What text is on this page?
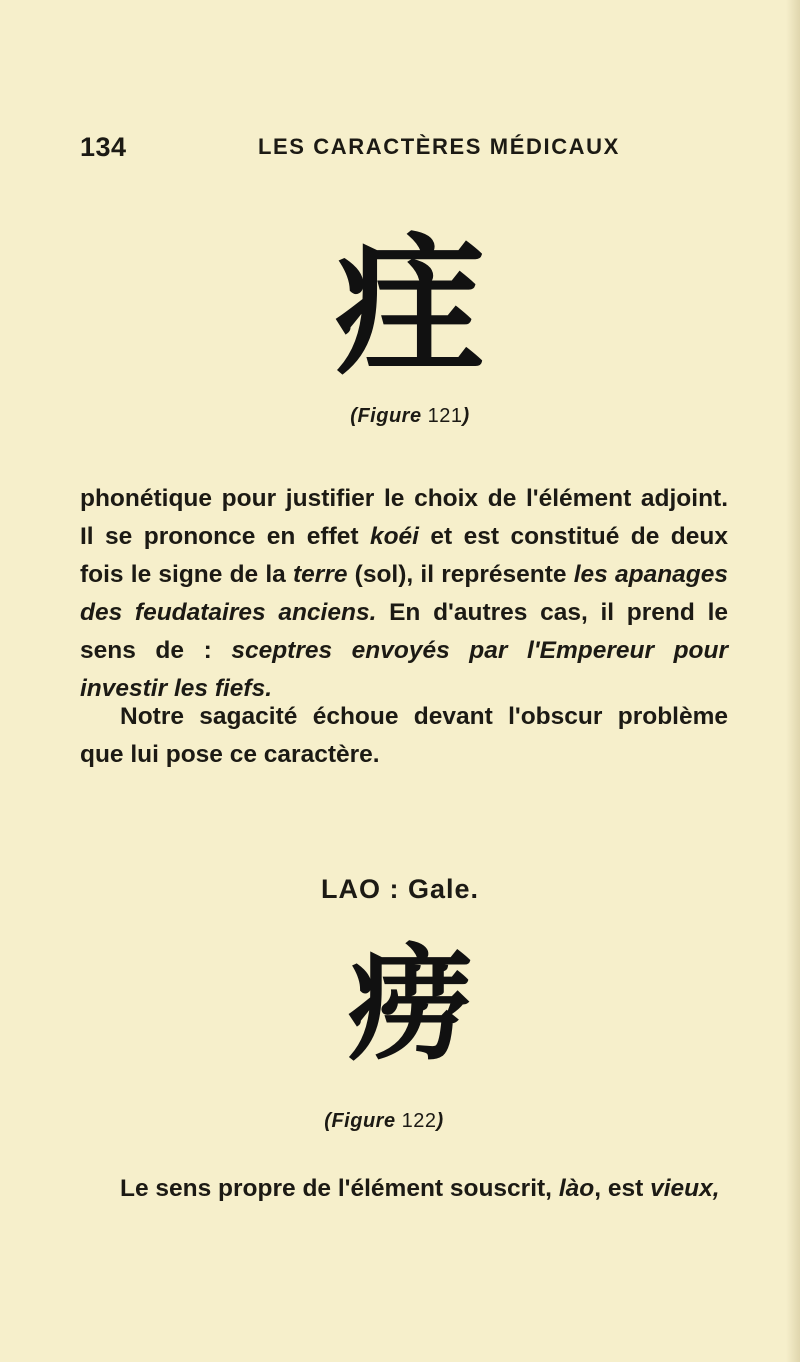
134	LES CARACTÈRES MÉDICAUX
疰
(Figure 121)

phonétique pour justifier le choix de l'élément adjoint. Il se prononce en effet koéi et est constitué de deux fois le signe de la terre (sol), il représente les apanages des feudataires anciens. En d'autres cas, il prend le sens de : sceptres envoyés par l'Empereur pour investir les fiefs.

Notre sagacité échoue devant l'obscur problème que lui pose ce caractère.

LAO : Gale.
痨
(Figure 122)

Le sens propre de l'élément souscrit, lào, est vieux,
